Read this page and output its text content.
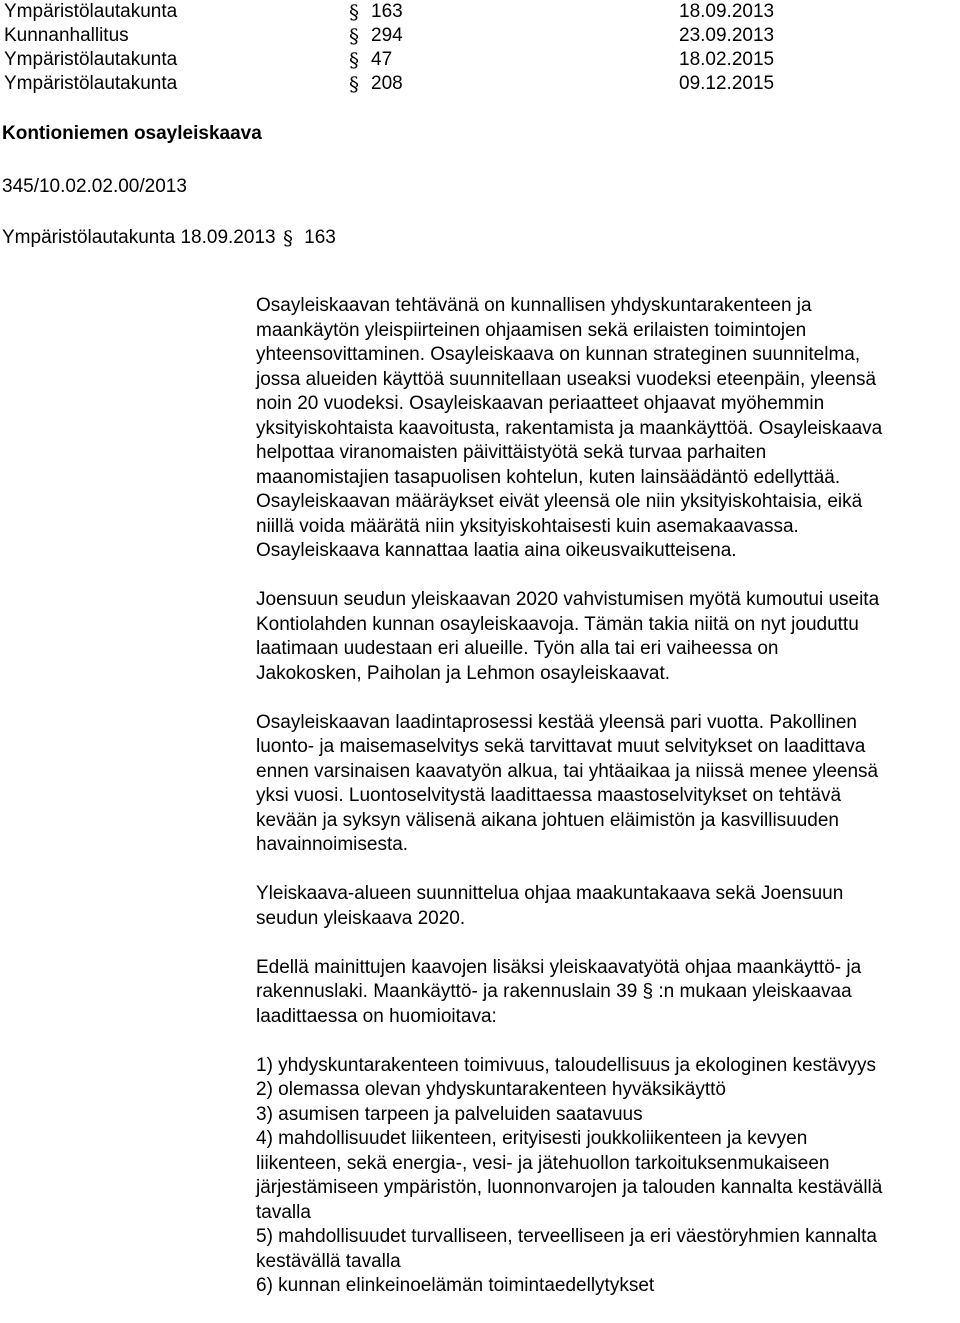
Ympäristölautakunta	§ 163	18.09.2013
Kunnanhallitus	§ 294	23.09.2013
Ympäristölautakunta	§ 47	18.02.2015
Ympäristölautakunta	§ 208	09.12.2015
Kontioniemen osayleiskaava
345/10.02.02.00/2013
Ympäristölautakunta 18.09.2013 § 163

Osayleiskaavan tehtävänä on kunnallisen yhdyskuntarakenteen ja
maankäytön yleispiirteinen ohjaamisen sekä erilaisten toimintojen
yhteensovittaminen. Osayleiskaava on kunnan strateginen suunnitelma,
jossa alueiden käyttöä suunnitellaan useaksi vuodeksi eteenpäin, yleensä
noin 20 vuodeksi. Osayleiskaavan periaatteet ohjaavat myöhemmin
yksityiskohtaista kaavoitusta, rakentamista ja maankäyttöä. Osayleiskaava
helpottaa viranomaisten päivittäistyötä sekä turvaa parhaiten
maanomistajien tasapuolisen kohtelun, kuten lainsäädäntö edellyttää.
Osayleiskaavan määräykset eivät yleensä ole niin yksityiskohtaisia, eikä
niillä voida määrätä niin yksityiskohtaisesti kuin asemakaavassa.
Osayleiskaava kannattaa laatia aina oikeusvaikutteisena.

Joensuun seudun yleiskaavan 2020 vahvistumisen myötä kumoutui useita
Kontiolahden kunnan osayleiskaavoja. Tämän takia niitä on nyt jouduttu
laatimaan uudestaan eri alueille. Työn alla tai eri vaiheessa on
Jakokosken, Paiholan ja Lehmon osayleiskaavat.

Osayleiskaavan laadintaprosessi kestää yleensä pari vuotta. Pakollinen
luonto- ja maisemaselvitys sekä tarvittavat muut selvitykset on laadittava
ennen varsinaisen kaavatyön alkua, tai yhtäaikaa ja niissä menee yleensä
yksi vuosi. Luontoselvitystä laadittaessa maastoselvitykset on tehtävä
kevään ja syksyn välisenä aikana johtuen eläimistön ja kasvillisuuden
havainnoimisesta.

Yleiskaava-alueen suunnittelua ohjaa maakuntakaava sekä Joensuun
seudun yleiskaava 2020.

Edellä mainittujen kaavojen lisäksi yleiskaavatyötä ohjaa maankäyttö- ja
rakennuslaki. Maankäyttö- ja rakennuslain 39 § :n mukaan yleiskaavaa
laadittaessa on huomioitava:

1) yhdyskuntarakenteen toimivuus, taloudellisuus ja ekologinen kestävyys
2) olemassa olevan yhdyskuntarakenteen hyväksikäyttö
3) asumisen tarpeen ja palveluiden saatavuus
4) mahdollisuudet liikenteen, erityisesti joukkoliikenteen ja kevyen
liikenteen, sekä energia-, vesi- ja jätehuollon tarkoituksenmukaiseen
järjestämiseen ympäristön, luonnonvarojen ja talouden kannalta kestävällä
tavalla
5) mahdollisuudet turvalliseen, terveelliseen ja eri väestöryhmien kannalta
kestävällä tavalla
6) kunnan elinkeinoelämän toimintaedellytykset
